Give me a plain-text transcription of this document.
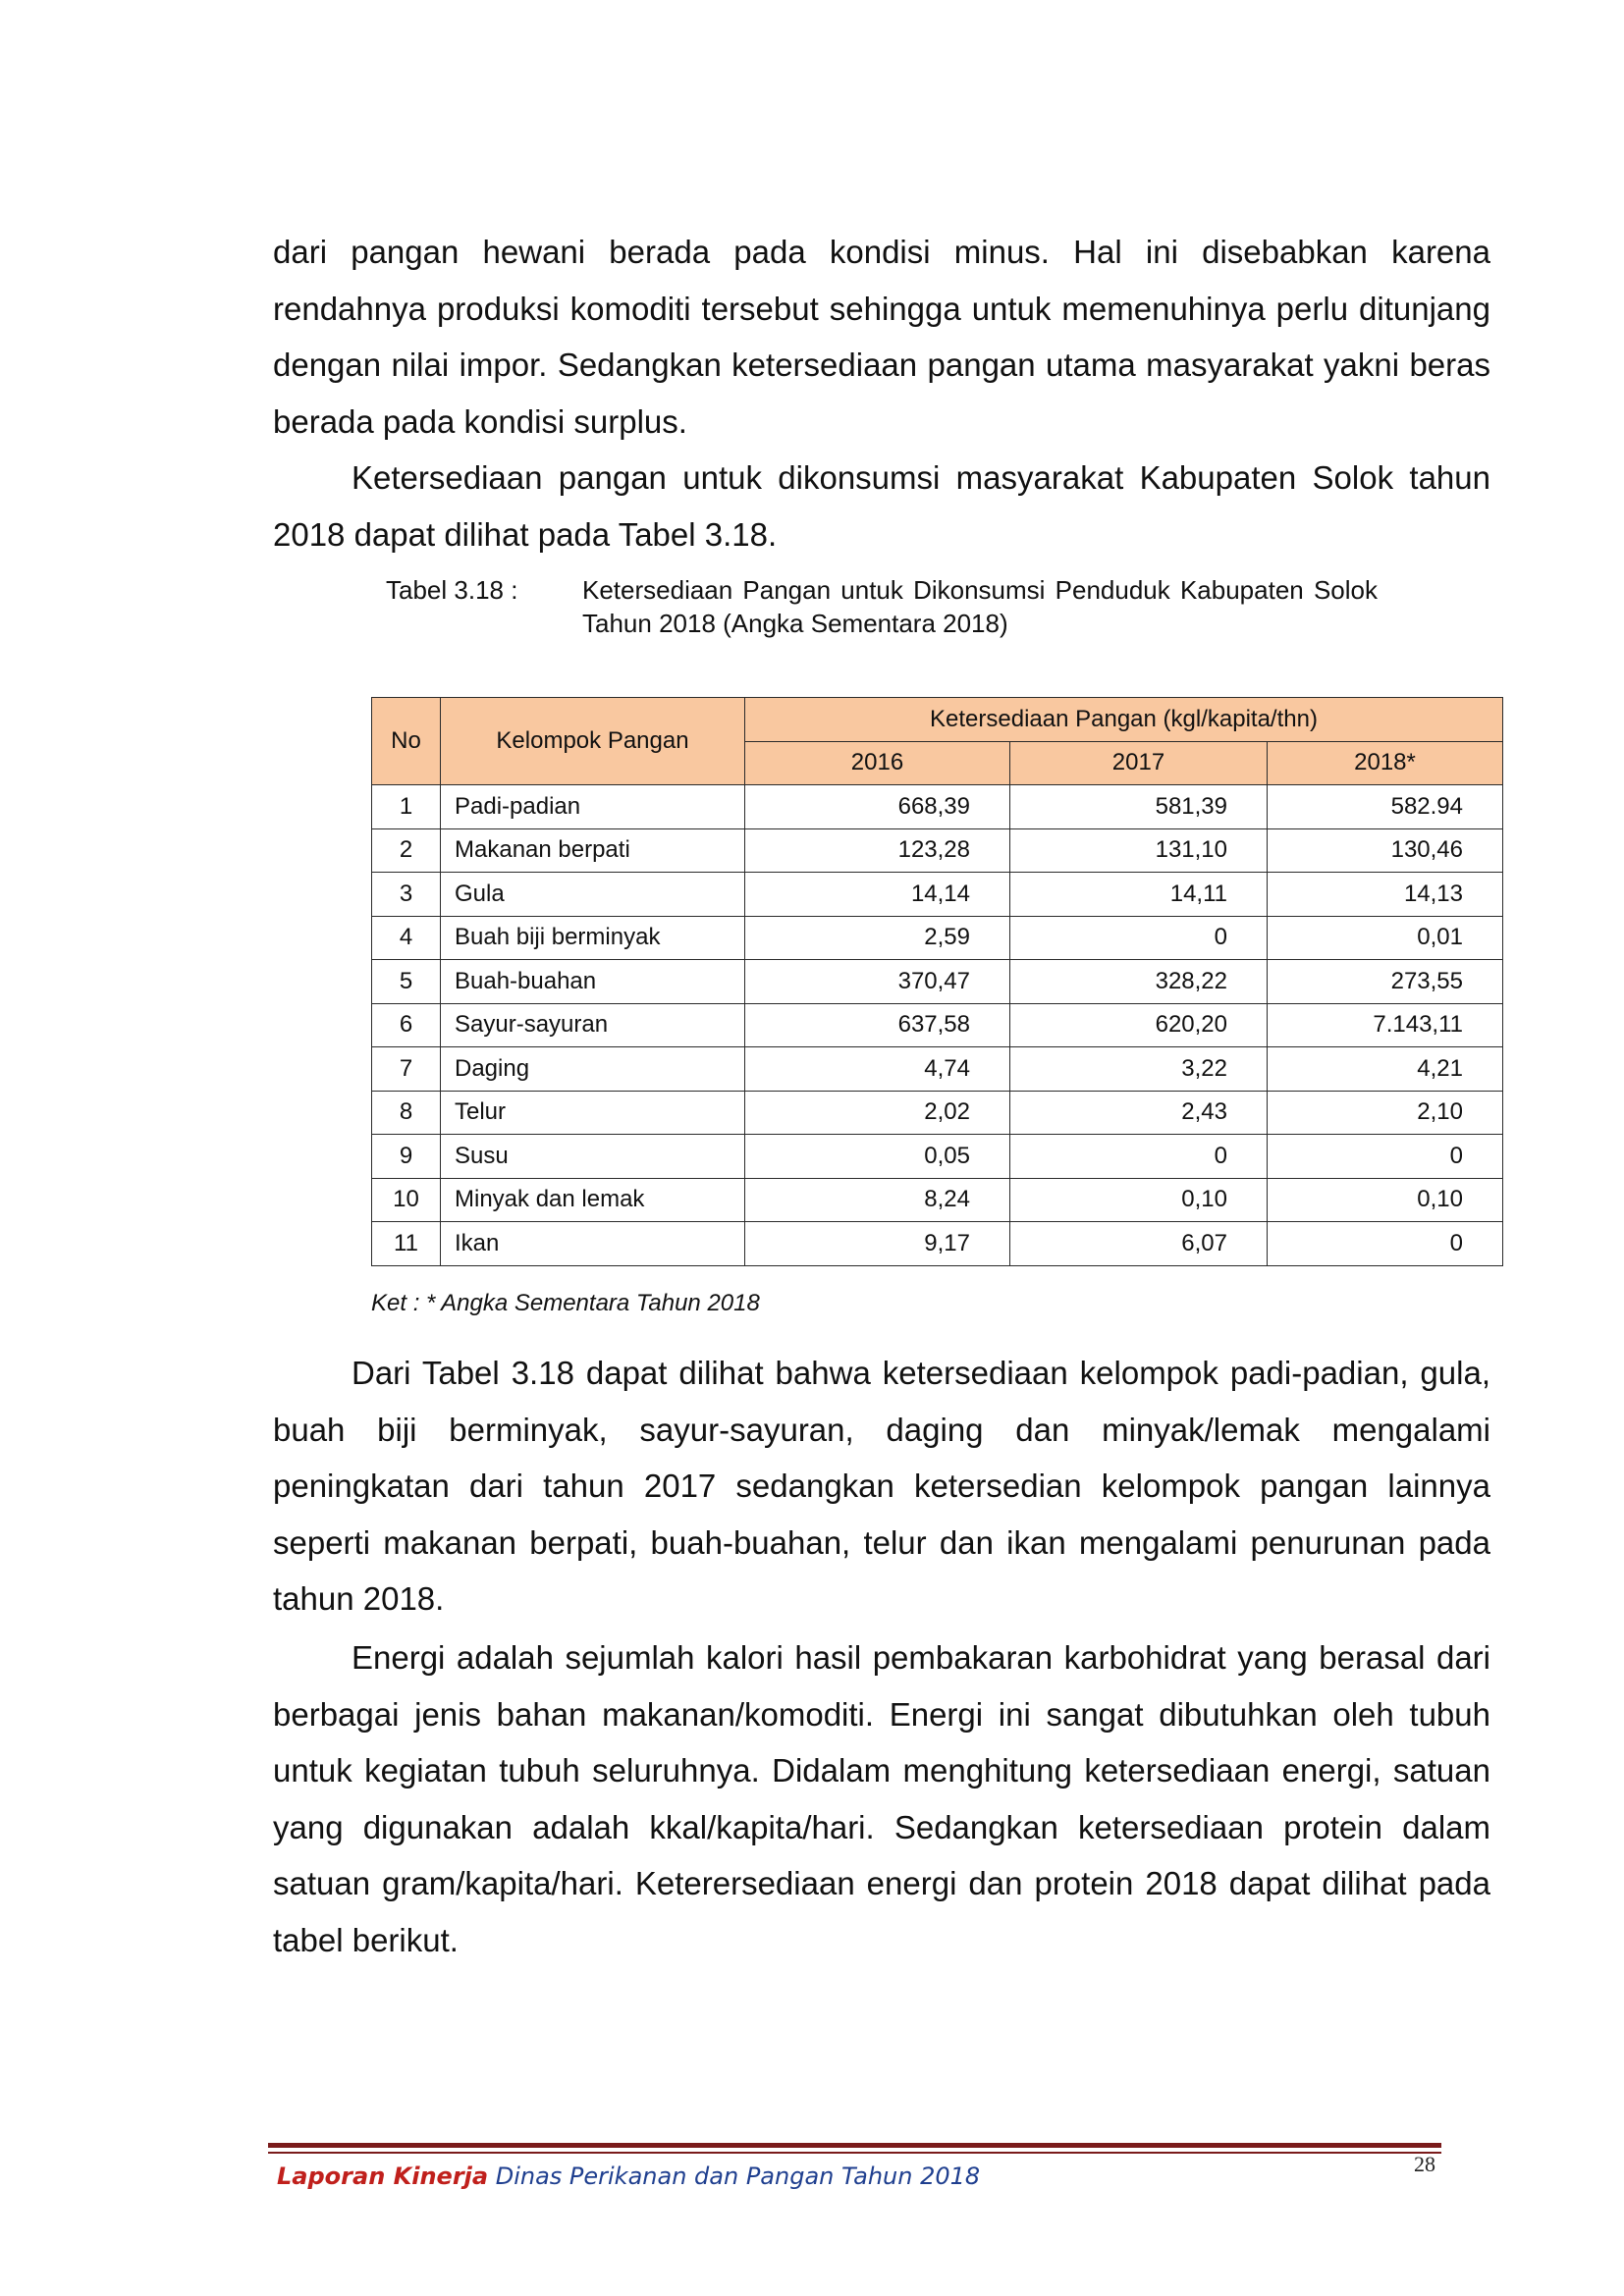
dari pangan hewani berada pada kondisi minus. Hal ini disebabkan karena rendahnya produksi komoditi tersebut sehingga untuk memenuhinya perlu ditunjang dengan nilai impor. Sedangkan ketersediaan pangan utama masyarakat yakni beras berada pada kondisi surplus.

Ketersediaan pangan untuk dikonsumsi masyarakat Kabupaten Solok tahun 2018 dapat dilihat pada Tabel 3.18.

Tabel 3.18 :	Ketersediaan Pangan untuk Dikonsumsi Penduduk Kabupaten Solok Tahun 2018 (Angka Sementara 2018)
No	Kelompok Pangan	Ketersediaan Pangan (kgl/kapita/thn)		
		2016	2017	2018*
1	Padi-padian	668,39	581,39	582.94
2	Makanan berpati	123,28	131,10	130,46
3	Gula	14,14	14,11	14,13
4	Buah biji berminyak	2,59	0	0,01
5	Buah-buahan	370,47	328,22	273,55
6	Sayur-sayuran	637,58	620,20	7.143,11
7	Daging	4,74	3,22	4,21
8	Telur	2,02	2,43	2,10
9	Susu	0,05	0	0
10	Minyak dan lemak	8,24	0,10	0,10
11	Ikan	9,17	6,07	0
Ket : * Angka Sementara Tahun 2018

Dari Tabel 3.18 dapat dilihat bahwa ketersediaan kelompok padi-padian, gula, buah biji berminyak, sayur-sayuran, daging dan minyak/lemak mengalami peningkatan dari tahun 2017 sedangkan ketersedian kelompok pangan lainnya seperti makanan berpati, buah-buahan, telur dan ikan mengalami penurunan pada tahun 2018.

Energi adalah sejumlah kalori hasil pembakaran karbohidrat yang berasal dari berbagai jenis bahan makanan/komoditi. Energi ini sangat dibutuhkan oleh tubuh untuk kegiatan tubuh seluruhnya. Didalam menghitung ketersediaan energi, satuan yang digunakan adalah kkal/kapita/hari. Sedangkan ketersediaan protein dalam satuan gram/kapita/hari. Keterersediaan energi dan protein 2018 dapat dilihat pada tabel berikut.

Laporan Kinerja Dinas Perikanan dan Pangan Tahun 2018	28
